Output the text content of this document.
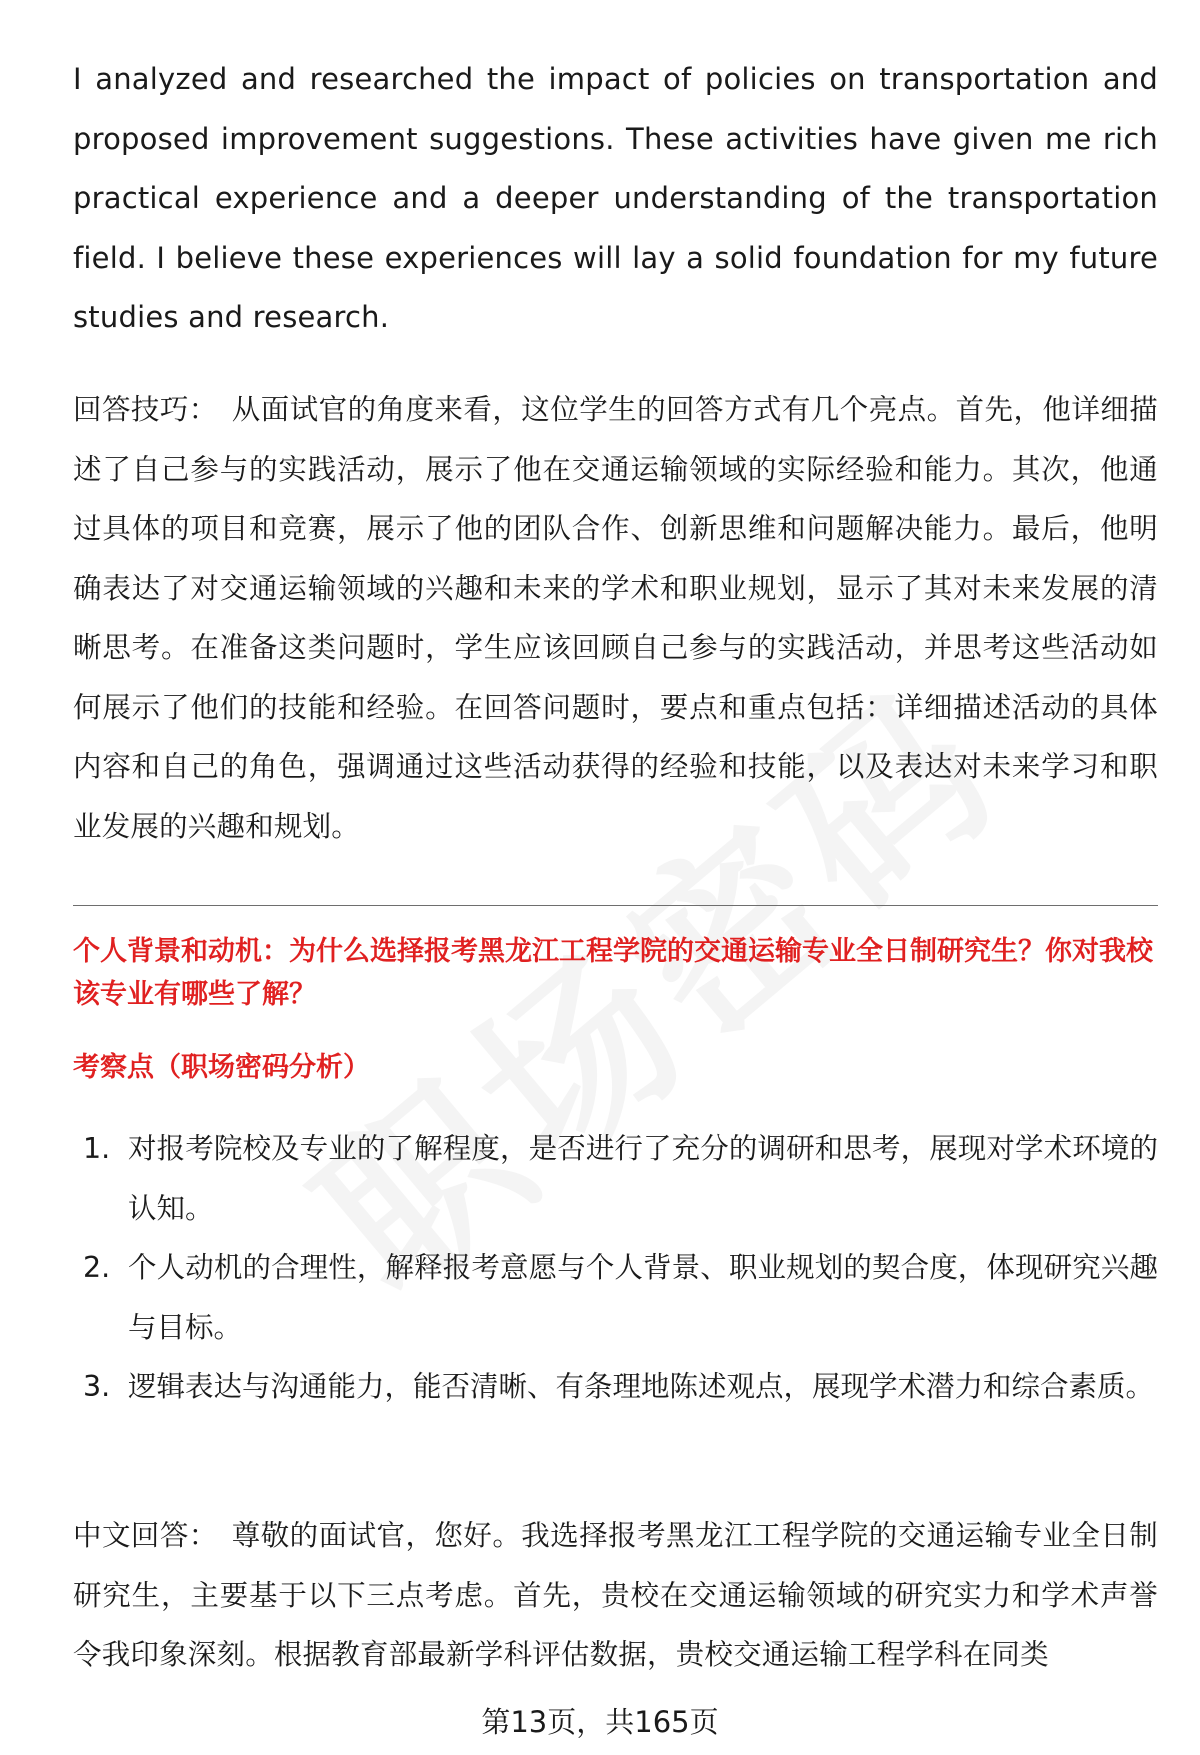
I analyzed and researched the impact of policies on transportation and proposed improvement suggestions. These activities have given me rich practical experience and a deeper understanding of the transportation field. I believe these experiences will lay a solid foundation for my future studies and research.

回答技巧： 从面试官的角度来看，这位学生的回答方式有几个亮点。首先，他详细描述了自己参与的实践活动，展示了他在交通运输领域的实际经验和能力。其次，他通过具体的项目和竞赛，展示了他的团队合作、创新思维和问题解决能力。最后，他明确表达了对交通运输领域的兴趣和未来的学术和职业规划，显示了其对未来发展的清晰思考。在准备这类问题时，学生应该回顾自己参与的实践活动，并思考这些活动如何展示了他们的技能和经验。在回答问题时，要点和重点包括：详细描述活动的具体内容和自己的角色，强调通过这些活动获得的经验和技能，以及表达对未来学习和职业发展的兴趣和规划。

个人背景和动机：为什么选择报考黑龙江工程学院的交通运输专业全日制研究生？你对我校该专业有哪些了解？
考察点（职场密码分析）
1. 对报考院校及专业的了解程度，是否进行了充分的调研和思考，展现对学术环境的认知。
2. 个人动机的合理性，解释报考意愿与个人背景、职业规划的契合度，体现研究兴趣与目标。
3. 逻辑表达与沟通能力，能否清晰、有条理地陈述观点，展现学术潜力和综合素质。

中文回答： 尊敬的面试官，您好。我选择报考黑龙江工程学院的交通运输专业全日制研究生，主要基于以下三点考虑。首先，贵校在交通运输领域的研究实力和学术声誉令我印象深刻。根据教育部最新学科评估数据，贵校交通运输工程学科在同类

第13页，共165页
